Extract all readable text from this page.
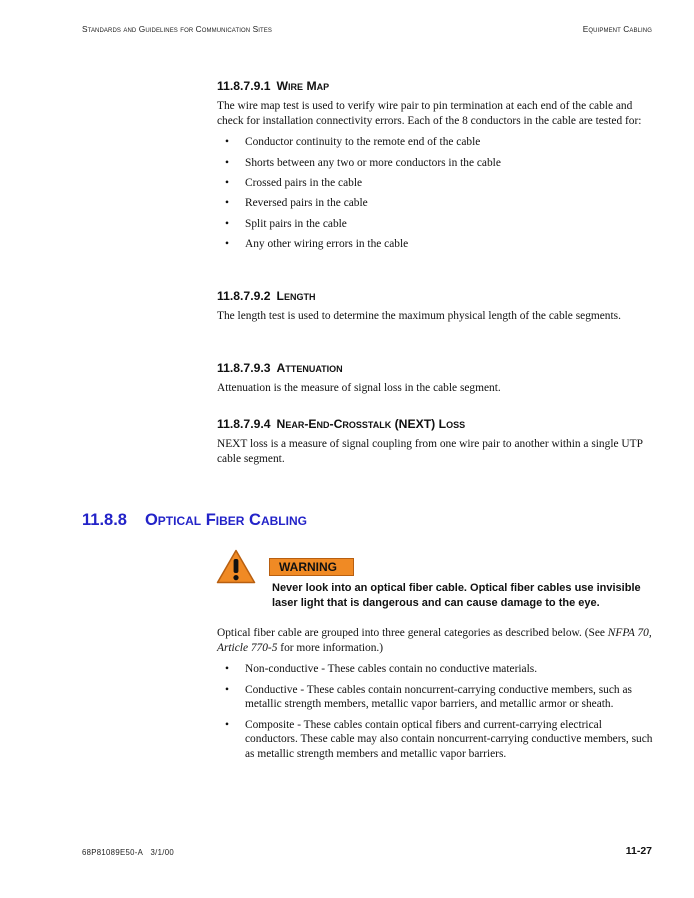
Standards and Guidelines for Communication Sites	Equipment Cabling
11.8.7.9.1 Wire Map

The wire map test is used to verify wire pair to pin termination at each end of the cable and check for installation connectivity errors. Each of the 8 conductors in the cable are tested for:

• Conductor continuity to the remote end of the cable
• Shorts between any two or more conductors in the cable
• Crossed pairs in the cable
• Reversed pairs in the cable
• Split pairs in the cable
• Any other wiring errors in the cable
11.8.7.9.2 Length

The length test is used to determine the maximum physical length of the cable segments.

11.8.7.9.3 Attenuation

Attenuation is the measure of signal loss in the cable segment.

11.8.7.9.4 Near-End-Crosstalk (NEXT) Loss

NEXT loss is a measure of signal coupling from one wire pair to another within a single UTP cable segment.

11.8.8 Optical Fiber Cabling
WARNING
Never look into an optical fiber cable. Optical fiber cables use invisible laser light that is dangerous and can cause damage to the eye.

Optical fiber cable are grouped into three general categories as described below. (See NFPA 70, Article 770-5 for more information.)

• Non-conductive - These cables contain no conductive materials.
• Conductive - These cables contain noncurrent-carrying conductive members, such as metallic strength members, metallic vapor barriers, and metallic armor or sheath.
• Composite - These cables contain optical fibers and current-carrying electrical conductors. These cable may also contain noncurrent-carrying conductive members, such as metallic strength members and metallic vapor barriers.
68P81089E50-A 3/1/00	11-27
